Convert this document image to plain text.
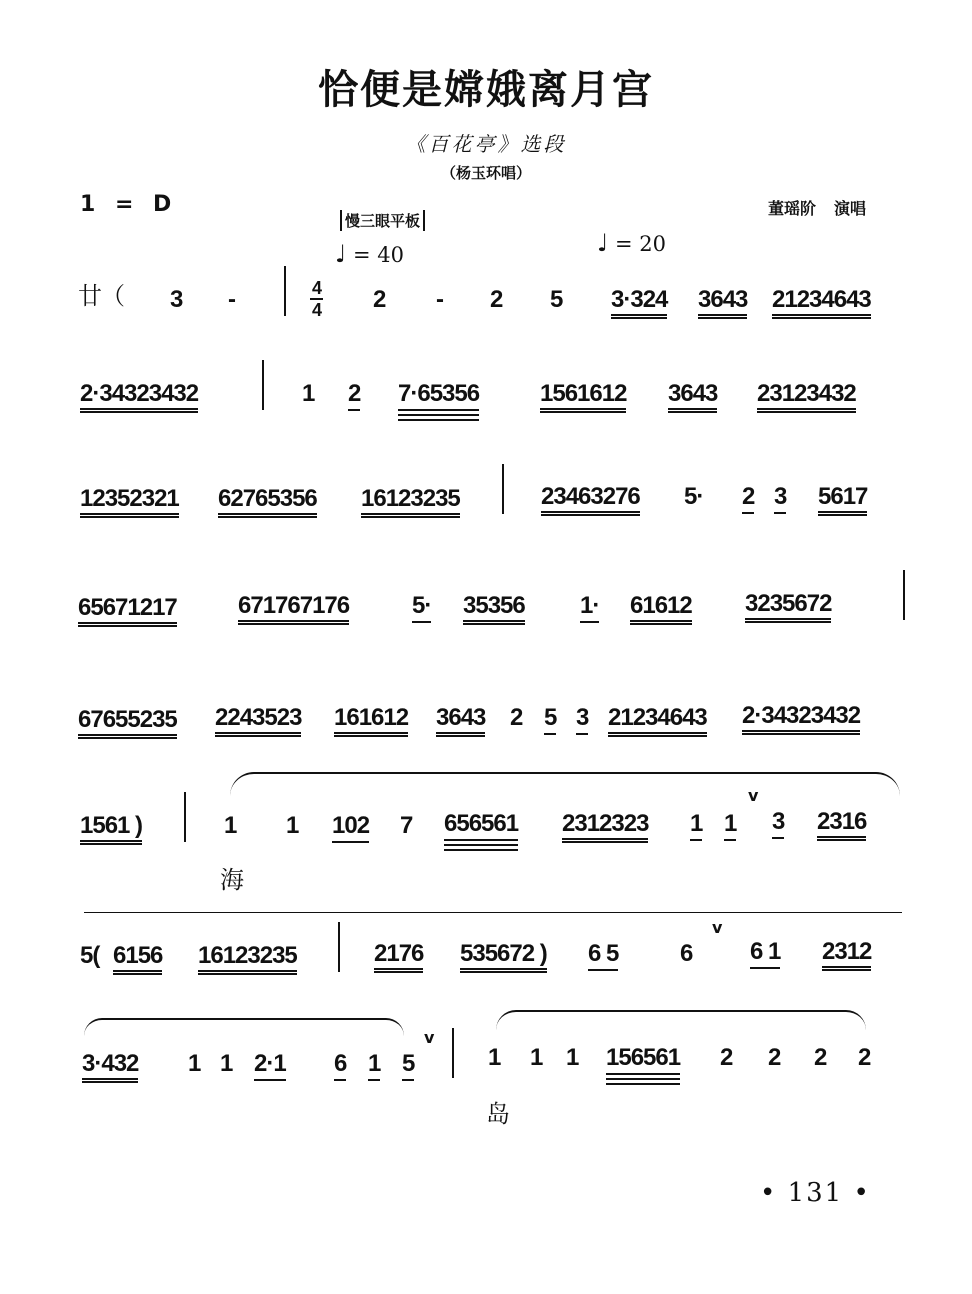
恰便是嫦娥离月宫
《百花亭》选段
（杨玉环唱）
1 = D	董瑶阶 演唱
慢三眼平板
♩ = 40	♩ = 20
廿（ 3 -	4
4 2 - 2 5 3·324 3643 21234643
2·34323432	1 2 7·65356	1561612 3643 23123432
12352321 62765356 16123235	23463276 5· 2 3 5617
65671217	671767176	5· 35356 1· 61612 3235672
67655235 2243523 161612 3643 2 5 3 21234643 2·34323432
1561 )	1 1 102 7 656561 2312323 1 1
v
3 2316
海
5( 6156 16123235	2176 535672 ) 6 5	6
v
6 1 2312
3·432 1 1 2·1 6 1 5
v
1 1 1 156561 2 2 2 2
岛
• 131 •
